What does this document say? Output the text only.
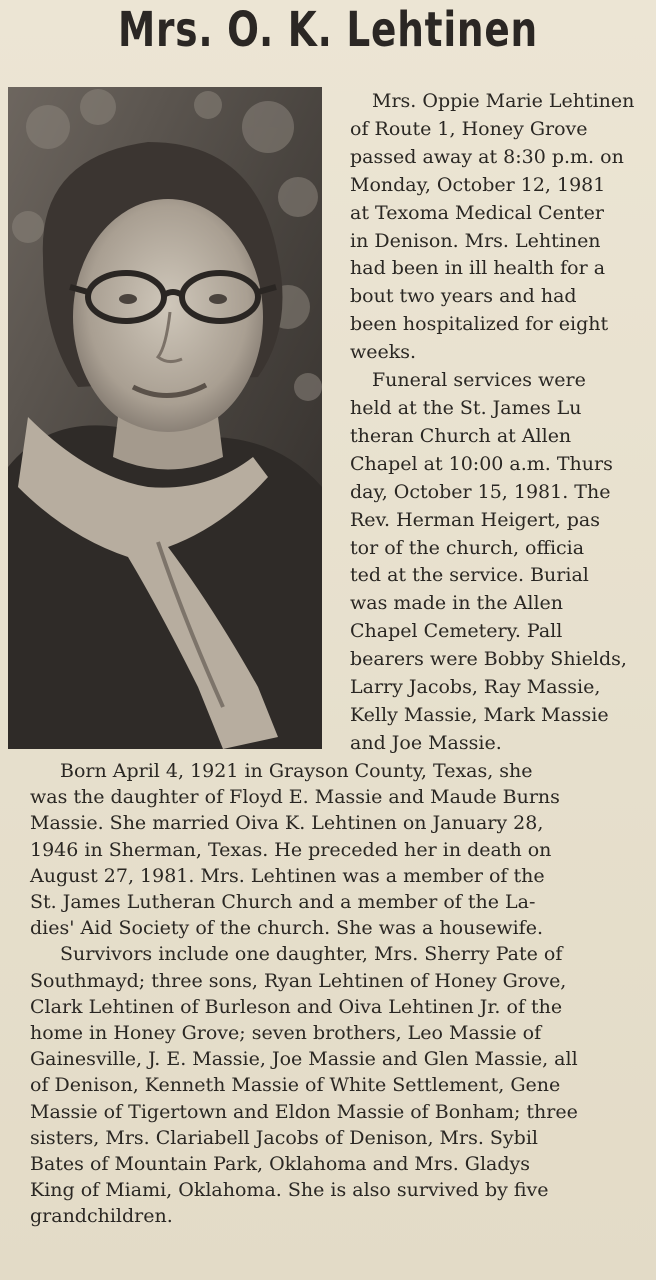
Mrs. O. K. Lehtinen

Mrs. Oppie Marie Lehtinen

of Route 1, Honey Grove

passed away at 8:30 p.m. on

Monday, October 12, 1981

at Texoma Medical Center

in Denison. Mrs. Lehtinen

had been in ill health for a

bout two years and had

been hospitalized for eight

weeks.

Funeral services were

held at the St. James Lu

theran Church at Allen

Chapel at 10:00 a.m. Thurs

day, October 15, 1981. The

Rev. Herman Heigert, pas

tor of the church, officia

ted at the service. Burial

was made in the Allen

Chapel Cemetery. Pall

bearers were Bobby Shields,

Larry Jacobs, Ray Massie,

Kelly Massie, Mark Massie

and Joe Massie.

Born April 4, 1921 in Grayson County, Texas, she

was the daughter of Floyd E. Massie and Maude Burns

Massie. She married Oiva K. Lehtinen on January 28,

1946 in Sherman, Texas. He preceded her in death on

August 27, 1981. Mrs. Lehtinen was a member of the

St. James Lutheran Church and a member of the La-

dies' Aid Society of the church. She was a housewife.

Survivors include one daughter, Mrs. Sherry Pate of

Southmayd; three sons, Ryan Lehtinen of Honey Grove,

Clark Lehtinen of Burleson and Oiva Lehtinen Jr. of the

home in Honey Grove; seven brothers, Leo Massie of

Gainesville, J. E. Massie, Joe Massie and Glen Massie, all

of Denison, Kenneth Massie of White Settlement, Gene

Massie of Tigertown and Eldon Massie of Bonham; three

sisters, Mrs. Clariabell Jacobs of Denison, Mrs. Sybil

Bates of Mountain Park, Oklahoma and Mrs. Gladys

King of Miami, Oklahoma. She is also survived by five

grandchildren.
